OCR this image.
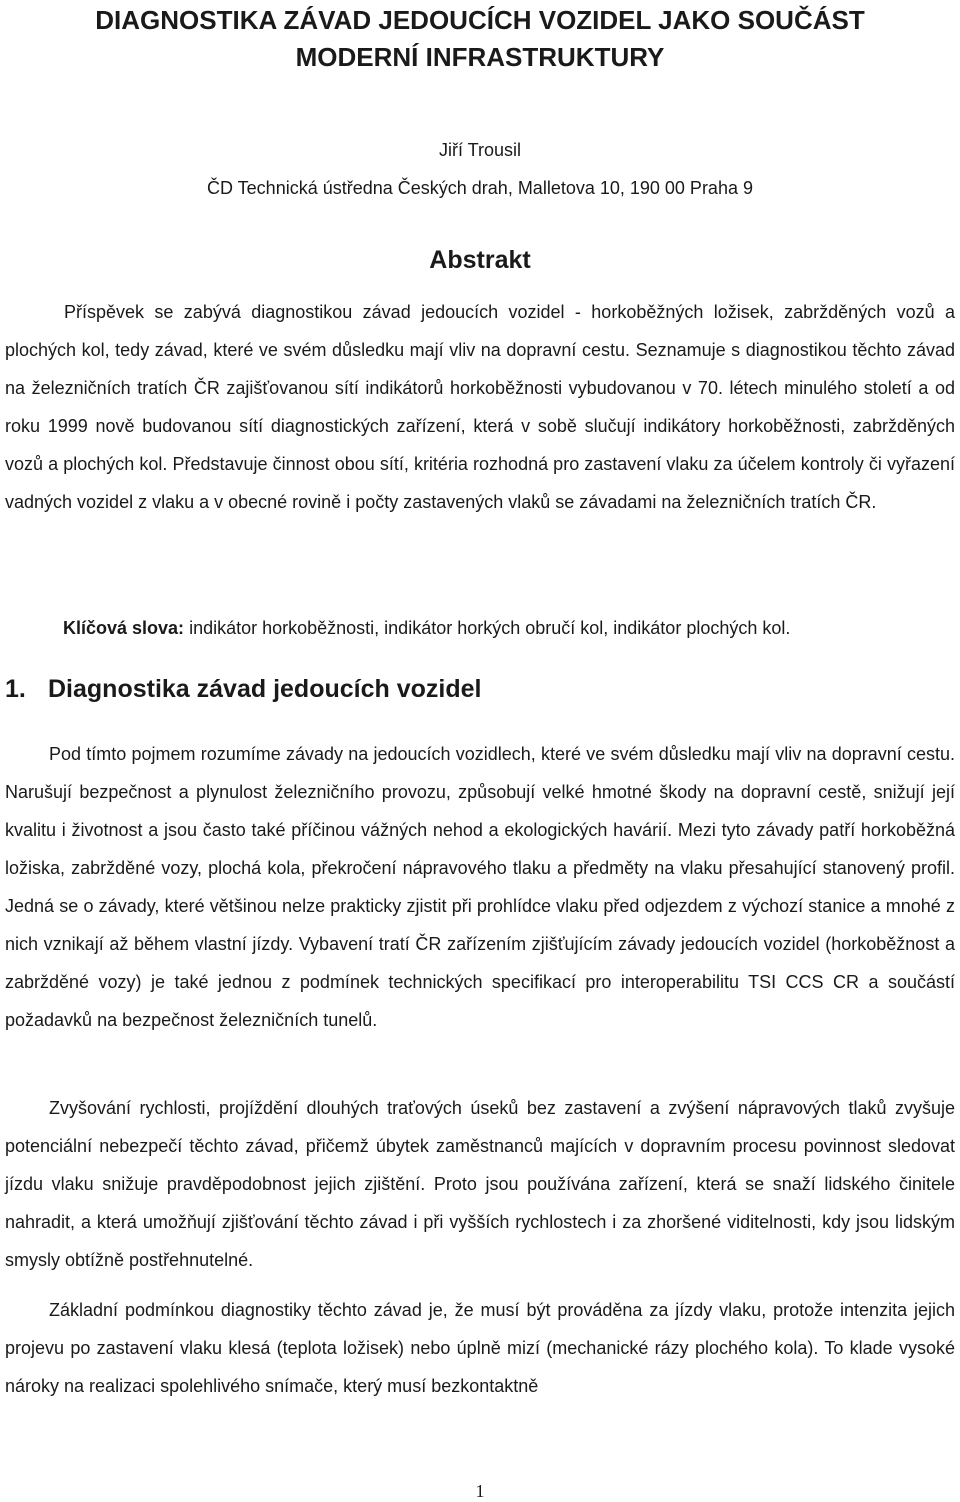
DIAGNOSTIKA ZÁVAD JEDOUCÍCH VOZIDEL JAKO SOUČÁST
MODERNÍ INFRASTRUKTURY

Jiří Trousil

ČD Technická ústředna Českých drah, Malletova 10, 190 00 Praha 9

Abstrakt

Příspěvek se zabývá diagnostikou závad jedoucích vozidel - horkoběžných ložisek, zabržděných vozů a plochých kol, tedy závad, které ve svém důsledku mají vliv na dopravní cestu. Seznamuje s diagnostikou těchto závad na železničních tratích ČR zajišťovanou sítí indikátorů horkoběžnosti vybudovanou v 70. létech minulého století a od roku 1999 nově budovanou sítí diagnostických zařízení, která v sobě slučují indikátory horkoběžnosti, zabržděných vozů a plochých kol. Představuje činnost obou sítí, kritéria rozhodná pro zastavení vlaku za účelem kontroly či vyřazení vadných vozidel z vlaku a v obecné rovině i počty zastavených vlaků se závadami na železničních tratích ČR.

Klíčová slova: indikátor horkoběžnosti, indikátor horkých obručí kol, indikátor plochých kol.

1. Diagnostika závad jedoucích vozidel

Pod tímto pojmem rozumíme závady na jedoucích vozidlech, které ve svém důsledku mají vliv na dopravní cestu. Narušují bezpečnost a plynulost železničního provozu, způsobují velké hmotné škody na dopravní cestě, snižují její kvalitu i životnost a jsou často také příčinou vážných nehod a ekologických havárií. Mezi tyto závady patří horkoběžná ložiska, zabržděné vozy, plochá kola, překročení nápravového tlaku a předměty na vlaku přesahující stanovený profil. Jedná se o závady, které většinou nelze prakticky zjistit při prohlídce vlaku před odjezdem z výchozí stanice a mnohé z nich vznikají až během vlastní jízdy. Vybavení tratí ČR zařízením zjišťujícím závady jedoucích vozidel (horkoběžnost a zabržděné vozy) je také jednou z podmínek technických specifikací pro interoperabilitu TSI CCS CR a součástí požadavků na bezpečnost železničních tunelů.

Zvyšování rychlosti, projíždění dlouhých traťových úseků bez zastavení a zvýšení nápravových tlaků zvyšuje potenciální nebezpečí těchto závad, přičemž úbytek zaměstnanců majících v dopravním procesu povinnost sledovat jízdu vlaku snižuje pravděpodobnost jejich zjištění. Proto jsou používána zařízení, která se snaží lidského činitele nahradit, a která umožňují zjišťování těchto závad i při vyšších rychlostech i za zhoršené viditelnosti, kdy jsou lidským smysly obtížně postřehnutelné.

Základní podmínkou diagnostiky těchto závad je, že musí být prováděna za jízdy vlaku, protože intenzita jejich projevu po zastavení vlaku klesá (teplota ložisek) nebo úplně mizí (mechanické rázy plochého kola). To klade vysoké nároky na realizaci spolehlivého snímače, který musí bezkontaktně

1
